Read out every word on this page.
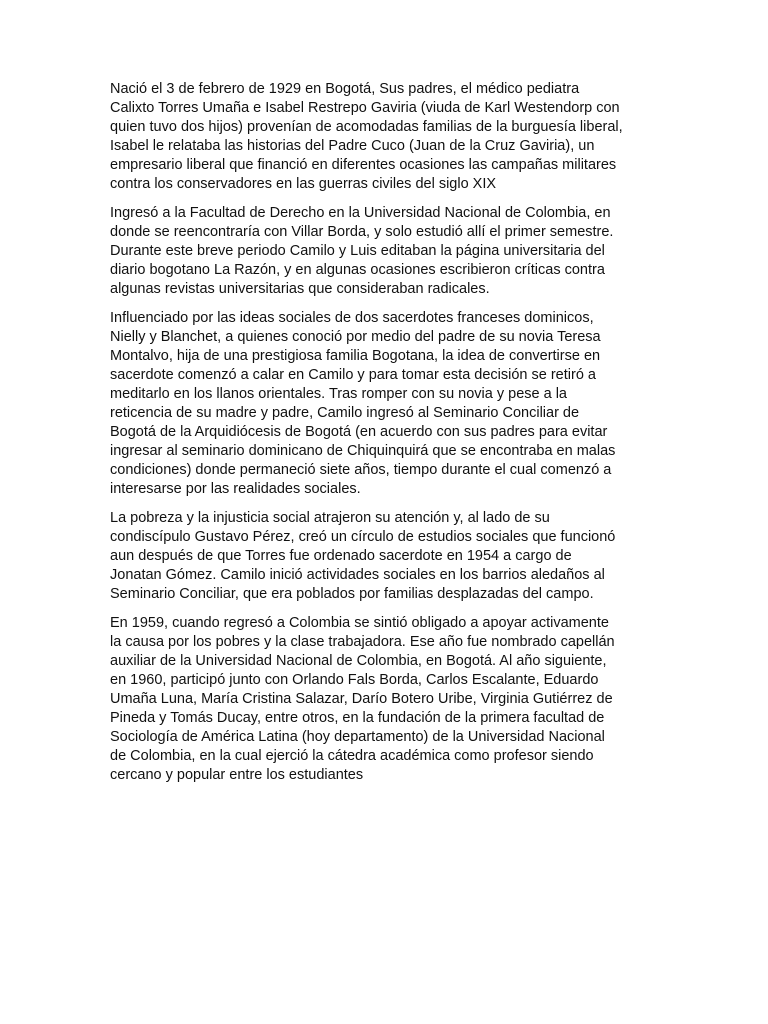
Nació el 3 de febrero de 1929 en Bogotá, Sus padres, el médico pediatra
Calixto Torres Umaña e Isabel Restrepo Gaviria (viuda de Karl Westendorp con
quien tuvo dos hijos) provenían de acomodadas familias de la burguesía liberal,
Isabel le relataba las historias del Padre Cuco (Juan de la Cruz Gaviria), un
empresario liberal que financió en diferentes ocasiones las campañas militares
contra los conservadores en las guerras civiles del siglo XIX

Ingresó a la Facultad de Derecho en la Universidad Nacional de Colombia, en
donde se reencontraría con Villar Borda, y solo estudió allí el primer semestre.
Durante este breve periodo Camilo y Luis editaban la página universitaria del
diario bogotano La Razón, y en algunas ocasiones escribieron críticas contra
algunas revistas universitarias que consideraban radicales.

Influenciado por las ideas sociales de dos sacerdotes franceses dominicos,
Nielly y Blanchet, a quienes conoció por medio del padre de su novia Teresa
Montalvo, hija de una prestigiosa familia Bogotana, la idea de convertirse en
sacerdote comenzó a calar en Camilo y para tomar esta decisión se retiró a
meditarlo en los llanos orientales. Tras romper con su novia y pese a la
reticencia de su madre y padre, Camilo ingresó al Seminario Conciliar de
Bogotá de la Arquidiócesis de Bogotá (en acuerdo con sus padres para evitar
ingresar al seminario dominicano de Chiquinquirá que se encontraba en malas
condiciones) donde permaneció siete años, tiempo durante el cual comenzó a
interesarse por las realidades sociales.

La pobreza y la injusticia social atrajeron su atención y, al lado de su
condiscípulo Gustavo Pérez, creó un círculo de estudios sociales que funcionó
aun después de que Torres fue ordenado sacerdote en 1954 a cargo de
Jonatan Gómez. Camilo inició actividades sociales en los barrios aledaños al
Seminario Conciliar, que era poblados por familias desplazadas del campo.

En 1959, cuando regresó a Colombia se sintió obligado a apoyar activamente
la causa por los pobres y la clase trabajadora. Ese año fue nombrado capellán
auxiliar de la Universidad Nacional de Colombia, en Bogotá. Al año siguiente,
en 1960, participó junto con Orlando Fals Borda, Carlos Escalante, Eduardo
Umaña Luna, María Cristina Salazar, Darío Botero Uribe, Virginia Gutiérrez de
Pineda y Tomás Ducay, entre otros, en la fundación de la primera facultad de
Sociología de América Latina (hoy departamento) de la Universidad Nacional
de Colombia, en la cual ejerció la cátedra académica como profesor siendo
cercano y popular entre los estudiantes
